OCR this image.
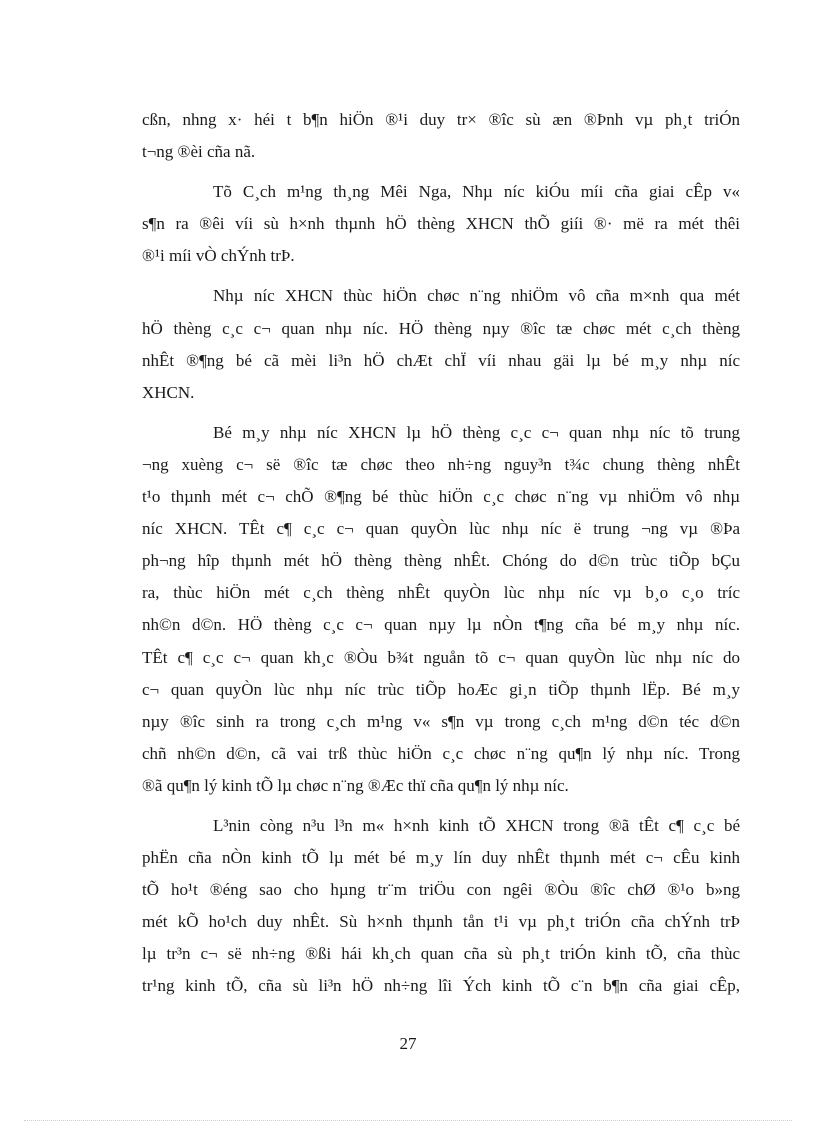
cßn, nhng x· héi t b¶n hiÖn ®¹i duy tr× ®îc sù æn ®Þnh vµ ph¸t triÓn
t¬ng ®èi cña nã.

Tõ C¸ch m¹ng th¸ng Mêi Nga, Nhµ níc kiÓu míi cña giai cÊp v«
s¶n ra ®êi víi sù h×nh thµnh hÖ thèng XHCN thÕ giíi ®· më ra mét thêi
®¹i míi vÒ chÝnh trÞ.

Nhµ níc XHCN thùc hiÖn chøc n¨ng nhiÖm vô cña m×nh qua mét
hÖ thèng c¸c c¬ quan nhµ níc. HÖ thèng nµy ®îc tæ chøc mét c¸ch thèng
nhÊt ®¶ng bé cã mèi li³n hÖ chÆt chÏ víi nhau gäi lµ bé m¸y nhµ níc
XHCN.

Bé m¸y nhµ níc XHCN lµ hÖ thèng c¸c c¬ quan nhµ níc tõ trung
¬ng xuèng c¬ së ®îc tæ chøc theo nh÷ng nguy³n t¾c chung thèng nhÊt
t¹o thµnh mét c¬ chÕ ®¶ng bé thùc hiÖn c¸c chøc n¨ng vµ nhiÖm vô nhµ
níc XHCN. TÊt c¶ c¸c c¬ quan quyÒn lùc nhµ níc ë trung ¬ng vµ ®Þa
ph¬ng hîp thµnh mét hÖ thèng thèng nhÊt. Chóng do d©n trùc tiÕp bÇu
ra, thùc hiÖn mét c¸ch thèng nhÊt quyÒn lùc nhµ níc vµ b¸o c¸o tríc
nh©n d©n. HÖ thèng c¸c c¬ quan nµy lµ nÒn t¶ng cña bé m¸y nhµ níc.
TÊt c¶ c¸c c¬ quan kh¸c ®Òu b¾t nguån tõ c¬ quan quyÒn lùc nhµ níc do
c¬ quan quyÒn lùc nhµ níc trùc tiÕp hoÆc gi¸n tiÕp thµnh lËp. Bé m¸y
nµy ®îc sinh ra trong c¸ch m¹ng v« s¶n vµ trong c¸ch m¹ng d©n téc d©n
chñ nh©n d©n, cã vai trß thùc hiÖn c¸c chøc n¨ng qu¶n lý nhµ níc. Trong
®ã qu¶n lý kinh tÕ lµ chøc n¨ng ®Æc thï cña qu¶n lý nhµ níc.

L³nin còng n³u l³n m« h×nh kinh tÕ XHCN trong ®ã tÊt c¶ c¸c bé
phËn cña nÒn kinh tÕ lµ mét bé m¸y lín duy nhÊt thµnh mét c¬ cÊu kinh
tÕ ho¹t ®éng sao cho hµng tr¨m triÖu con ngêi ®Òu ®îc chØ ®¹o b»ng
mét kÕ ho¹ch duy nhÊt. Sù h×nh thµnh tån t¹i vµ ph¸t triÓn cña chÝnh trÞ
lµ tr³n c¬ së nh÷ng ®ßi hái kh¸ch quan cña sù ph¸t triÓn kinh tÕ, cña thùc
tr¹ng kinh tÕ, cña sù li³n hÖ nh÷ng lîi Ých kinh tÕ c¨n b¶n cña giai cÊp,

27
